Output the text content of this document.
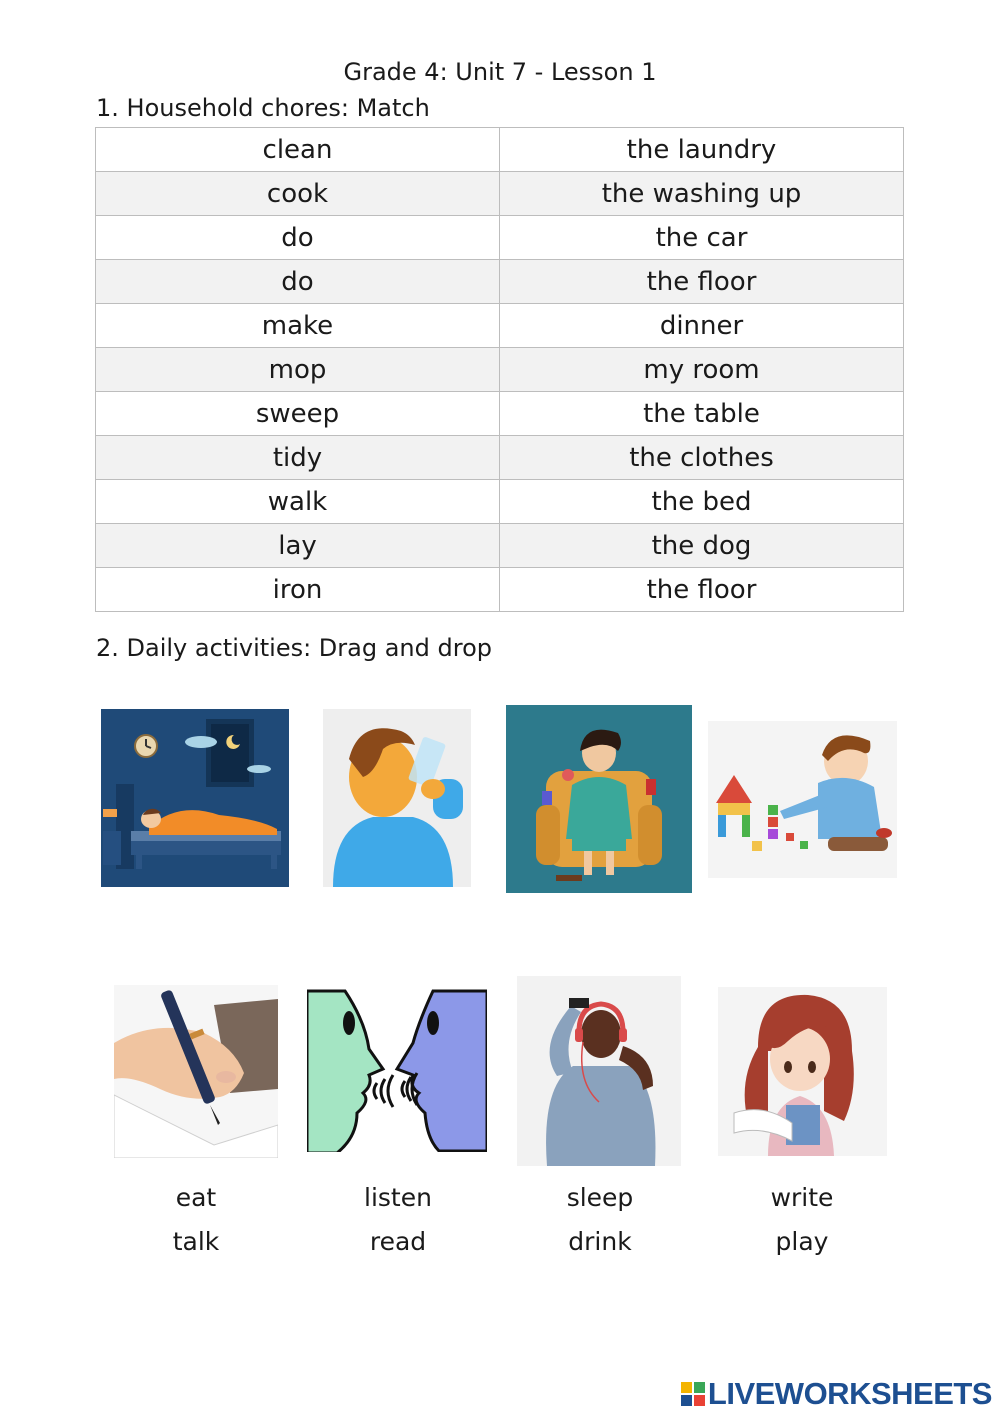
Grade 4: Unit 7 - Lesson 1
1. Household chores: Match
clean	the laundry
cook	the washing up
do	the car
do	the floor
make	dinner
mop	my room
sweep	the table
tidy	the clothes
walk	the bed
lay	the dog
iron	the floor
2. Daily activities: Drag and drop
eat	listen	sleep	write
talk	read	drink	play
LIVEWORKSHEETS
